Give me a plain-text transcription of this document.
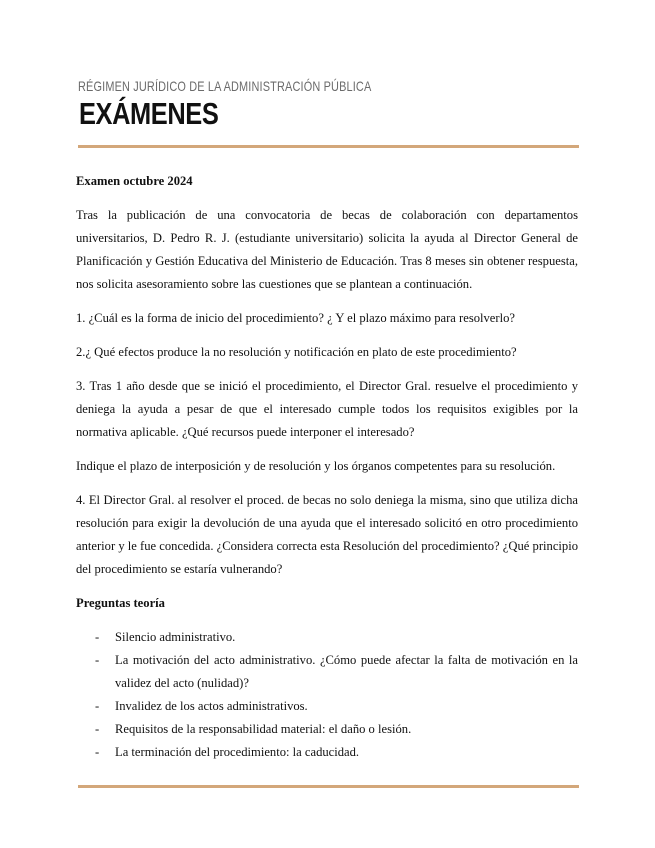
RÉGIMEN JURÍDICO DE LA ADMINISTRACIÓN PÚBLICA
EXÁMENES

Examen octubre 2024

Tras la publicación de una convocatoria de becas de colaboración con departamentos universitarios, D. Pedro R. J. (estudiante universitario) solicita la ayuda al Director General de Planificación y Gestión Educativa del Ministerio de Educación. Tras 8 meses sin obtener respuesta, nos solicita asesoramiento sobre las cuestiones que se plantean a continuación.

1. ¿Cuál es la forma de inicio del procedimiento? ¿ Y el plazo máximo para resolverlo?

2.¿ Qué efectos produce la no resolución y notificación en plato de este procedimiento?

3. Tras 1 año desde que se inició el procedimiento, el Director Gral. resuelve el procedimiento y deniega la ayuda a pesar de que el interesado cumple todos los requisitos exigibles por la normativa aplicable. ¿Qué recursos puede interponer el interesado?

Indique el plazo de interposición y de resolución y los órganos competentes para su resolución.

4. El Director Gral. al resolver el proced. de becas no solo deniega la misma, sino que utiliza dicha resolución para exigir la devolución de una ayuda que el interesado solicitó en otro procedimiento anterior y le fue concedida. ¿Considera correcta esta Resolución del procedimiento? ¿Qué principio del procedimiento se estaría vulnerando?

Preguntas teoría

- Silencio administrativo.
- La motivación del acto administrativo. ¿Cómo puede afectar la falta de motivación en la validez del acto (nulidad)?
- Invalidez de los actos administrativos.
- Requisitos de la responsabilidad material: el daño o lesión.
- La terminación del procedimiento: la caducidad.
